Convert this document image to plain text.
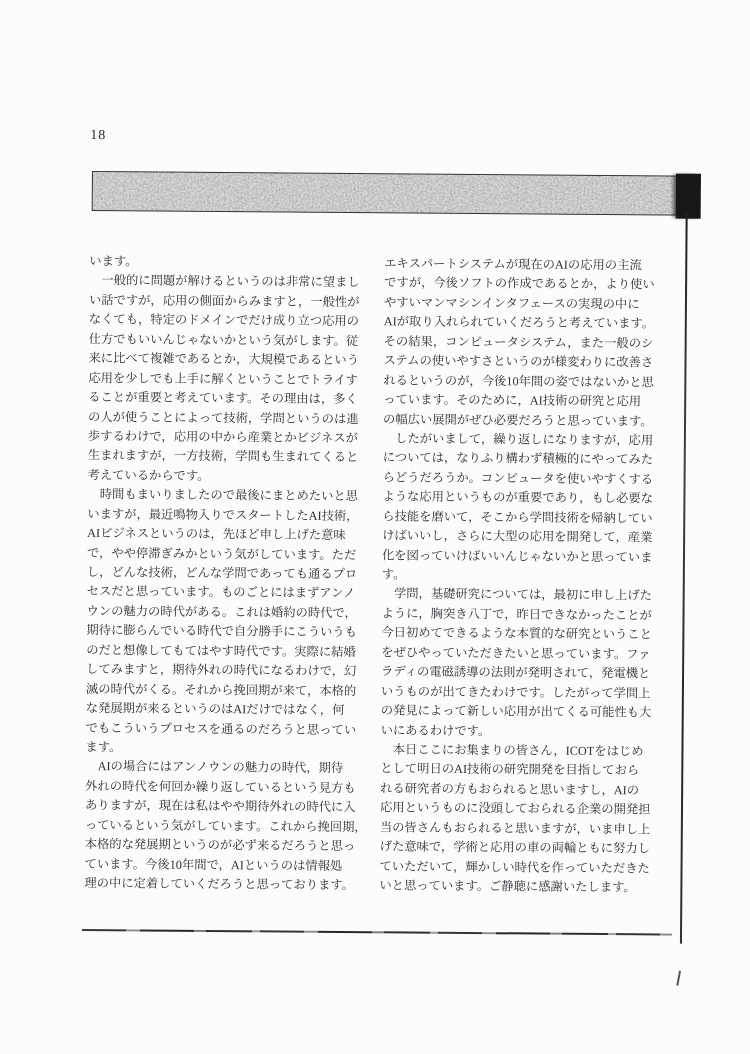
18
います。
　一般的に問題が解けるというのは非常に望まし
い話ですが，応用の側面からみますと，一般性が
なくても，特定のドメインでだけ成り立つ応用の
仕方でもいいんじゃないかという気がします。従
来に比べて複雑であるとか，大規模であるという
応用を少しでも上手に解くということでトライす
ることが重要と考えています。その理由は，多く
の人が使うことによって技術，学問というのは進
歩するわけで，応用の中から産業とかビジネスが
生まれますが，一方技術，学問も生まれてくると
考えているからです。
　時間もまいりましたので最後にまとめたいと思
いますが，最近鳴物入りでスタートしたAI技術，
AIビジネスというのは，先ほど申し上げた意味
で，やや停滞ぎみかという気がしています。ただ
し，どんな技術，どんな学問であっても通るプロ
セスだと思っています。ものごとにはまずアンノ
ウンの魅力の時代がある。これは婚約の時代で，
期待に膨らんでいる時代で自分勝手にこういうも
のだと想像してもてはやす時代です。実際に結婚
してみますと，期待外れの時代になるわけで，幻
滅の時代がくる。それから挽回期が来て，本格的
な発展期が来るというのはAIだけではなく，何
でもこういうプロセスを通るのだろうと思ってい
ます。
　AIの場合にはアンノウンの魅力の時代，期待
外れの時代を何回か繰り返しているという見方も
ありますが，現在は私はやや期待外れの時代に入
っているという気がしています。これから挽回期，
本格的な発展期というのが必ず来るだろうと思っ
ています。今後10年間で，AIというのは情報処
理の中に定着していくだろうと思っております。
エキスパートシステムが現在のAIの応用の主流
ですが，今後ソフトの作成であるとか，より使い
やすいマンマシンインタフェースの実現の中に
AIが取り入れられていくだろうと考えています。
その結果，コンピュータシステム，また一般のシ
ステムの使いやすさというのが様変わりに改善さ
れるというのが，今後10年間の姿ではないかと思
っています。そのために，AI技術の研究と応用
の幅広い展開がぜひ必要だろうと思っています。
　したがいまして，繰り返しになりますが，応用
については，なりふり構わず積極的にやってみた
らどうだろうか。コンピュータを使いやすくする
ような応用というものが重要であり，もし必要な
ら技能を磨いて，そこから学問技術を帰納してい
けばいいし，さらに大型の応用を開発して，産業
化を図っていけばいいんじゃないかと思っていま
す。
　学問，基礎研究については，最初に申し上げた
ように，胸突き八丁で，昨日できなかったことが
今日初めてできるような本質的な研究ということ
をぜひやっていただきたいと思っています。ファ
ラディの電磁誘導の法則が発明されて，発電機と
いうものが出てきたわけです。したがって学問上
の発見によって新しい応用が出てくる可能性も大
いにあるわけです。
　本日ここにお集まりの皆さん，ICOTをはじめ
として明日のAI技術の研究開発を目指しておら
れる研究者の方もおられると思いますし，AIの
応用というものに没頭しておられる企業の開発担
当の皆さんもおられると思いますが，いま申し上
げた意味で，学術と応用の車の両輪ともに努力し
ていただいて，輝かしい時代を作っていただきた
いと思っています。ご静聴に感謝いたします。
